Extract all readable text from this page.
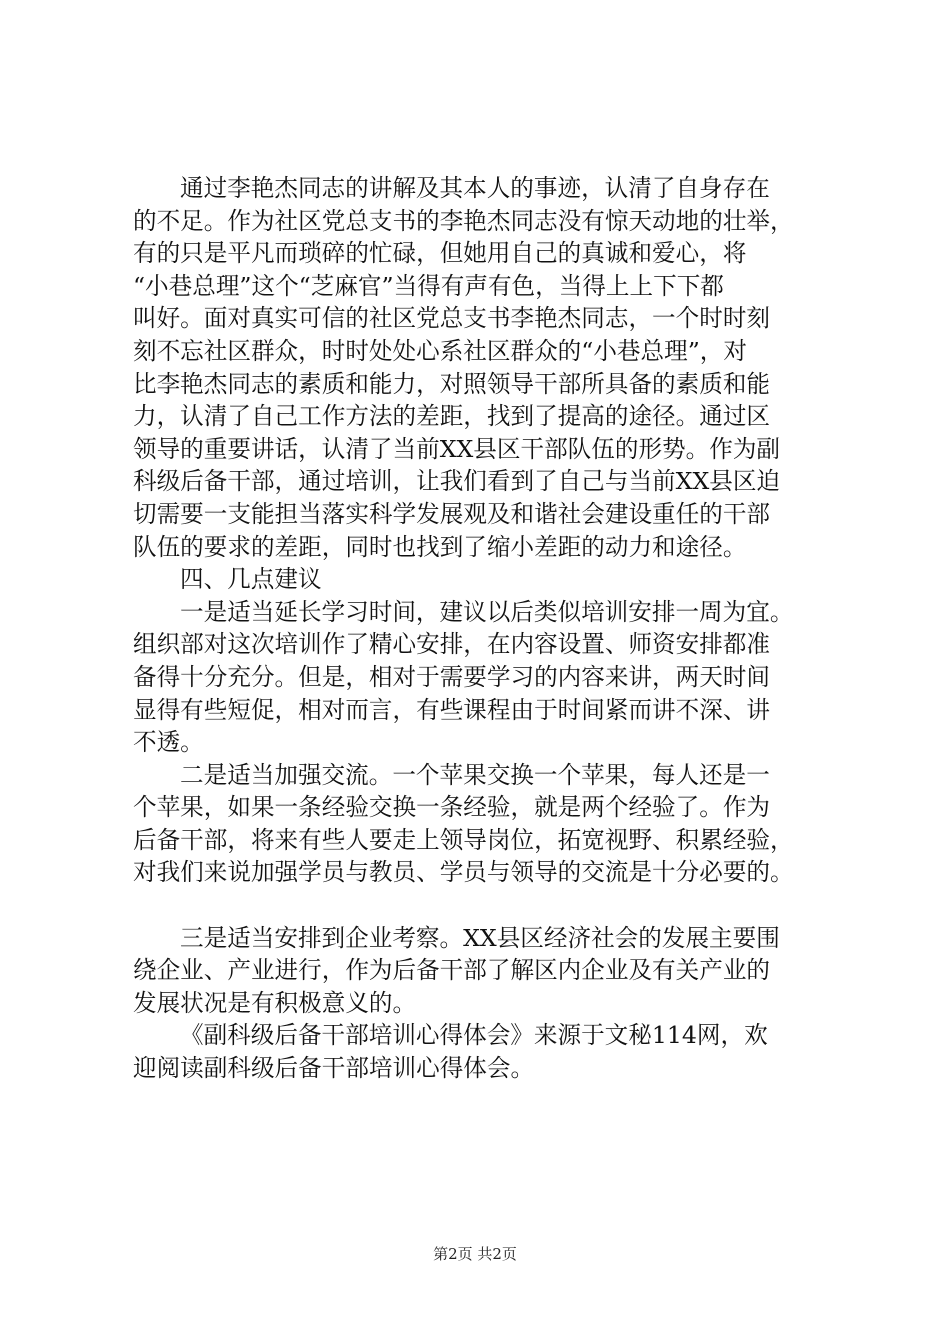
通过李艳杰同志的讲解及其本人的事迹，认清了自身存在
的不足。作为社区党总支书的李艳杰同志没有惊天动地的壮举，
有的只是平凡而琐碎的忙碌，但她用自己的真诚和爱心，将
“小巷总理”这个“芝麻官”当得有声有色，当得上上下下都
叫好。面对真实可信的社区党总支书李艳杰同志，一个时时刻
刻不忘社区群众，时时处处心系社区群众的“小巷总理”，对
比李艳杰同志的素质和能力，对照领导干部所具备的素质和能
力，认清了自己工作方法的差距，找到了提高的途径。通过区
领导的重要讲话，认清了当前XX县区干部队伍的形势。作为副
科级后备干部，通过培训，让我们看到了自己与当前XX县区迫
切需要一支能担当落实科学发展观及和谐社会建设重任的干部
队伍的要求的差距，同时也找到了缩小差距的动力和途径。
四、几点建议
一是适当延长学习时间，建议以后类似培训安排一周为宜。
组织部对这次培训作了精心安排，在内容设置、师资安排都准
备得十分充分。但是，相对于需要学习的内容来讲，两天时间
显得有些短促，相对而言，有些课程由于时间紧而讲不深、讲
不透。
二是适当加强交流。一个苹果交换一个苹果，每人还是一
个苹果，如果一条经验交换一条经验，就是两个经验了。作为
后备干部，将来有些人要走上领导岗位，拓宽视野、积累经验，
对我们来说加强学员与教员、学员与领导的交流是十分必要的。
三是适当安排到企业考察。XX县区经济社会的发展主要围
绕企业、产业进行，作为后备干部了解区内企业及有关产业的
发展状况是有积极意义的。
《副科级后备干部培训心得体会》来源于文秘114网，欢
迎阅读副科级后备干部培训心得体会。
第2页 共2页
